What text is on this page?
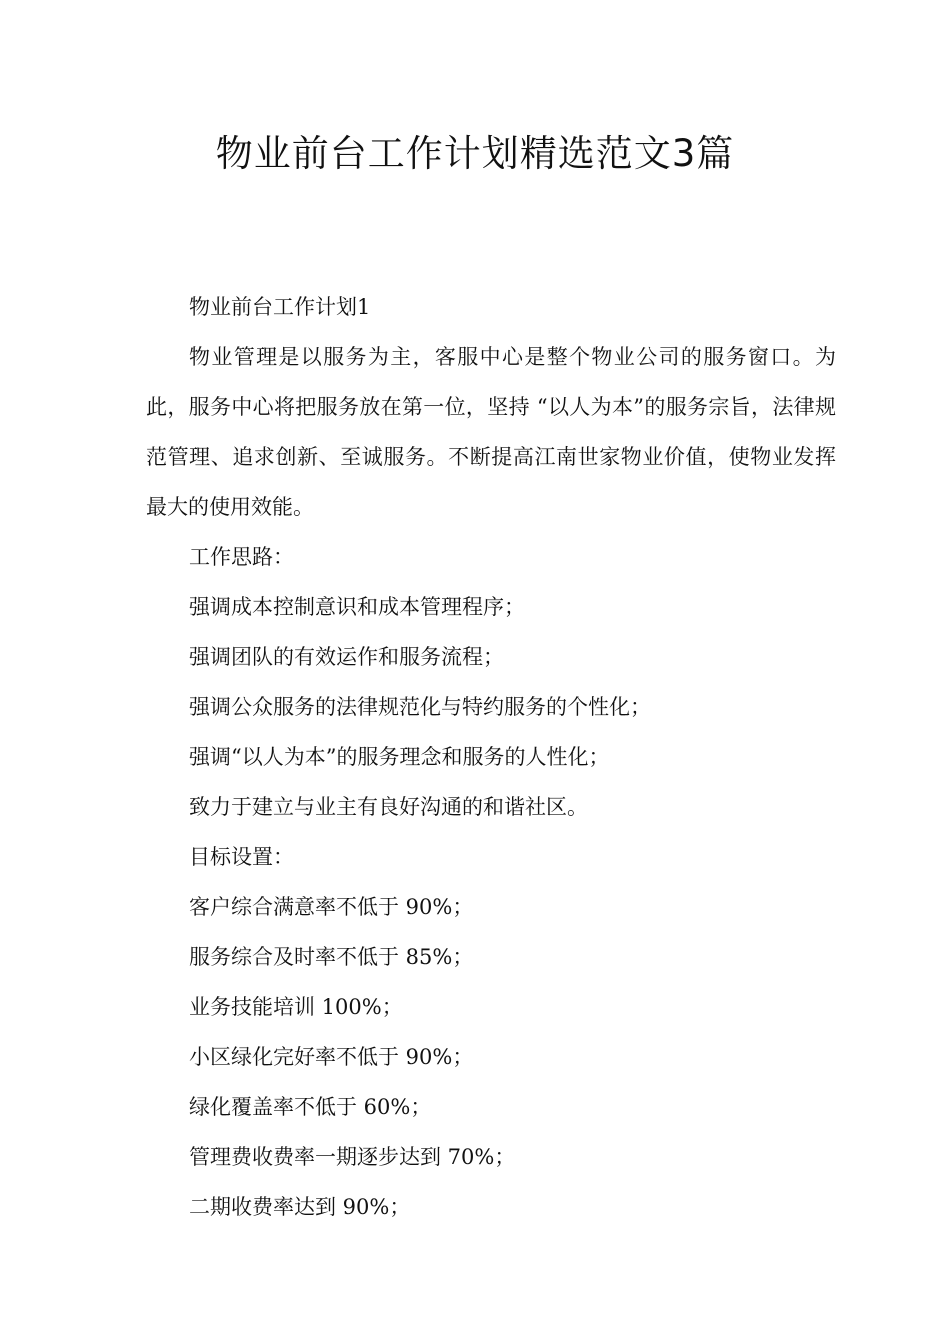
物业前台工作计划精选范文3篇

物业前台工作计划1

物业管理是以服务为主，客服中心是整个物业公司的服务窗口。为此，服务中心将把服务放在第一位，坚持 “以人为本”的服务宗旨，法律规范管理、追求创新、至诚服务。不断提高江南世家物业价值，使物业发挥最大的使用效能。

工作思路：

强调成本控制意识和成本管理程序；

强调团队的有效运作和服务流程；

强调公众服务的法律规范化与特约服务的个性化；

强调“以人为本”的服务理念和服务的人性化；

致力于建立与业主有良好沟通的和谐社区。

目标设置：

客户综合满意率不低于 90%；

服务综合及时率不低于 85%；

业务技能培训 100%；

小区绿化完好率不低于 90%；

绿化覆盖率不低于 60%；

管理费收费率一期逐步达到 70%；

二期收费率达到 90%；
